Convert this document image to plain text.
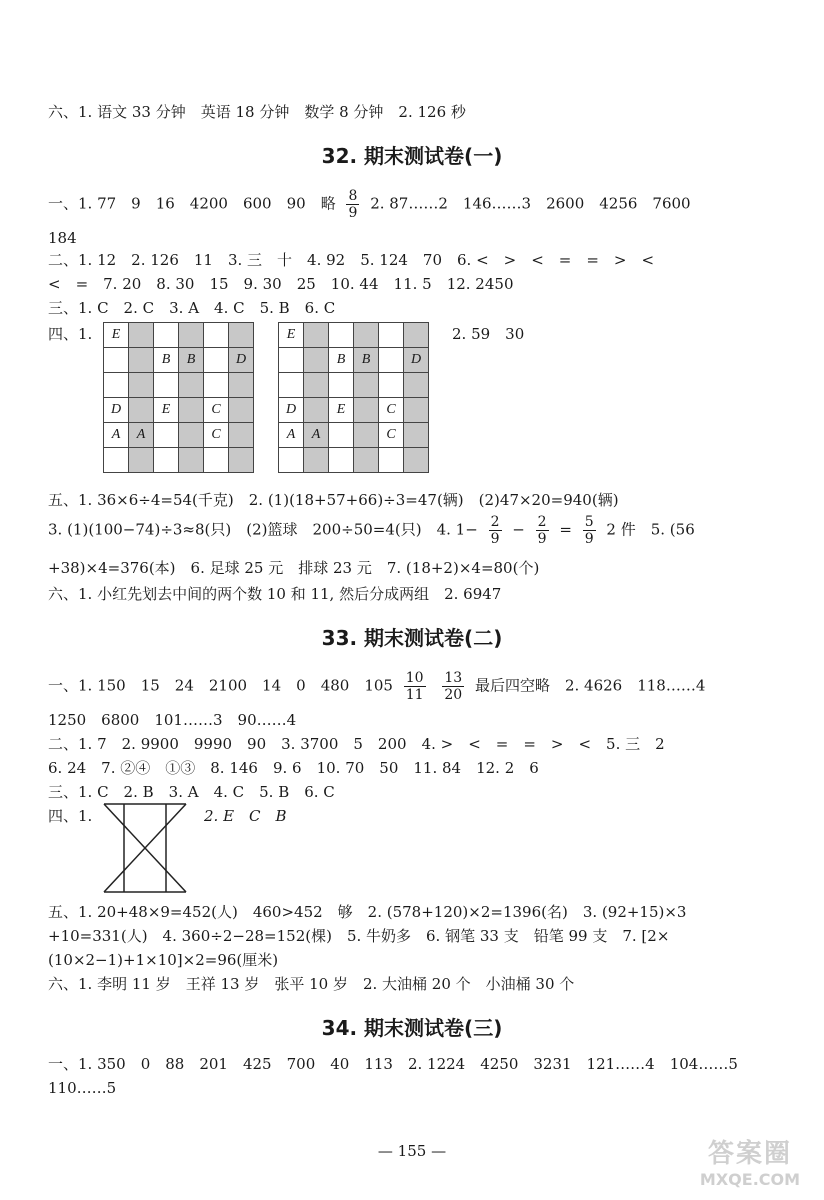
六、1. 语文 33 分钟　英语 18 分钟　数学 8 分钟　2. 126 秒
32. 期末测试卷(一)
一、1. 77　9　16　4200　600　90　略 $\frac{8}{9} 2$. 87……2　146……3　2600　4256　7600
184
二、1. 12　2. 126　11　3. 三　十　4. 92　5. 124　70　6. <　>　<　=　=　>　<
<　=　7. 20　8. 30　15　9. 30　25　10. 44　11. 5　12. 2450
三、1. C　2. C　3. A　4. C　5. B　6. C
四、1. E					
		B	B		D

D		E		C	
A	A			C	

E					
		B	B		D

D		E		C	
A	A			C	

2. 59　30
五、1. 36×6÷4=54(千克)　2. (1)(18+57+66)÷3=47(辆)　(2)47×20=940(辆)
3. (1)(100−74)÷3≈8(只)　(2)篮球　200÷50=4(只)　4. $1- \frac{2}{9} - \frac{2}{9} = \frac{5}{9} 2$ 件　5. (56
+38)×4=376(本)　6. 足球 25 元　排球 23 元　7. (18+2)×4=80(个)
六、1. 小红先划去中间的两个数 10 和 11, 然后分成两组　2. 6947
33. 期末测试卷(二)
一、1. 150　15　24　2100　14　0　480　$105 \frac{10}{11}$
$\frac{13}{20}$ 最后四空略　2. 4626　118……4
1250　6800　101……3　90……4
二、1. 7　2. 9900　9990　90　3. 3700　5　200　4. >　<　=　=　>　<　5. 三　2
6. 24　7. ②④　①③　8. 146　9. 6　10. 70　50　11. 84　12. 2　6
三、1. C　2. B　3. A　4. C　5. B　6. C
四、1.	2. E　C　B
五、1. 20+48×9=452(人)　460>452　够　2. (578+120)×2=1396(名)　3. (92+15)×3
+10=331(人)　4. 360÷2−28=152(棵)　5. 牛奶多　6. 钢笔 33 支　铅笔 99 支　7. [2×
(10×2−1)+1×10]×2=96(厘米)
六、1. 李明 11 岁　王祥 13 岁　张平 10 岁　2. 大油桶 20 个　小油桶 30 个
34. 期末测试卷(三)
一、1. 350　0　88　201　425　700　40　113　2. 1224　4250　3231　121……4　104……5
110……5
— 155 —	答案圈
MXQE.COM
